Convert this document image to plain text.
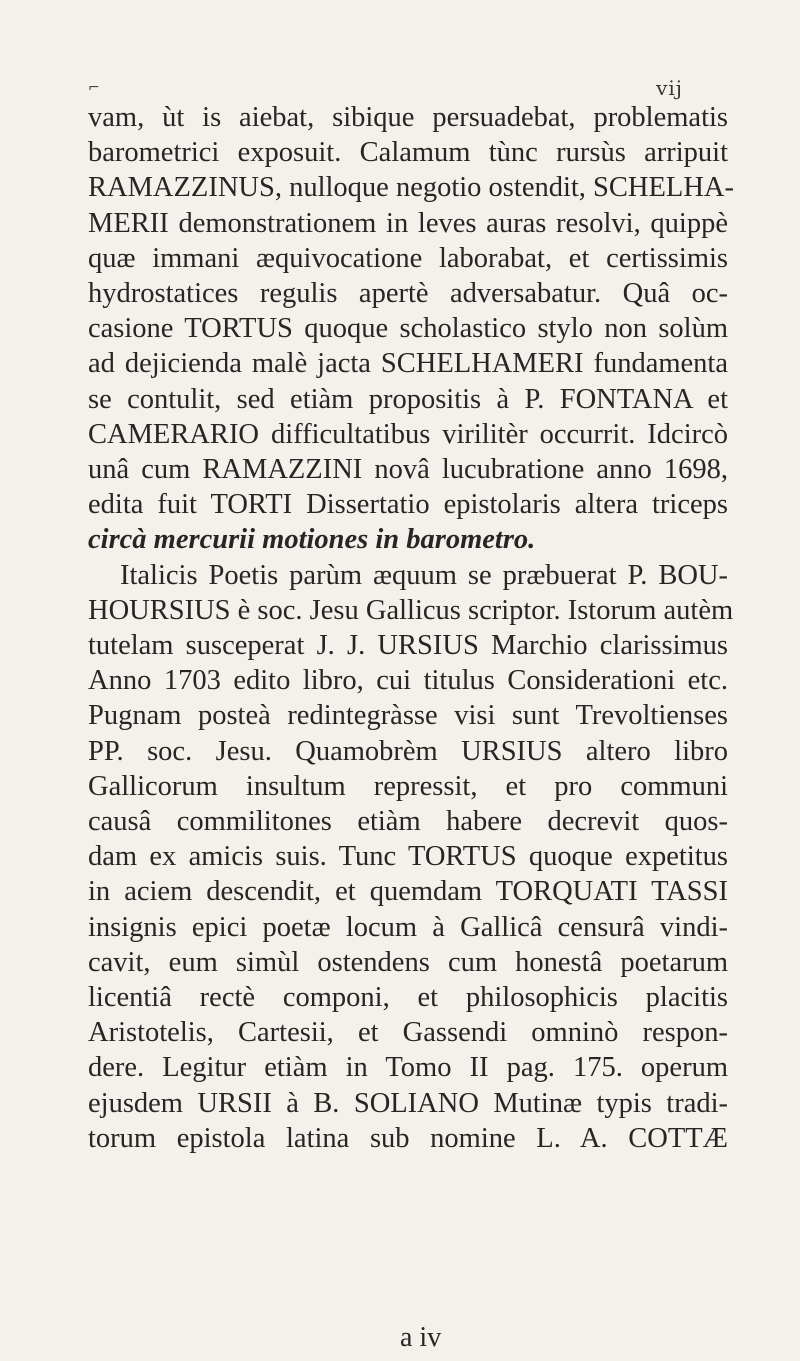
⌐	vij
vam, ùt is aiebat, sibique persuadebat, problematis
barometrici exposuit. Calamum tùnc rursùs arripuit
RAMAZZINUS, nulloque negotio ostendit, SCHELHA-
MERII demonstrationem in leves auras resolvi, quippè
quæ immani æquivocatione laborabat, et certissimis
hydrostatices regulis apertè adversabatur. Quâ oc-
casione TORTUS quoque scholastico stylo non solùm
ad dejicienda malè jacta SCHELHAMERI fundamenta
se contulit, sed etiàm propositis à P. FONTANA et
CAMERARIO difficultatibus virilitèr occurrit. Idcircò
unâ cum RAMAZZINI novâ lucubratione anno 1698,
edita fuit TORTI Dissertatio epistolaris altera triceps
circà mercurii motiones in barometro.
Italicis Poetis parùm æquum se præbuerat P. BOU-
HOURSIUS è soc. Jesu Gallicus scriptor. Istorum autèm
tutelam susceperat J. J. URSIUS Marchio clarissimus
Anno 1703 edito libro, cui titulus Considerationi etc.
Pugnam posteà redintegràsse visi sunt Trevoltienses
PP. soc. Jesu. Quamobrèm URSIUS altero libro
Gallicorum insultum repressit, et pro communi
causâ commilitones etiàm habere decrevit quos-
dam ex amicis suis. Tunc TORTUS quoque expetitus
in aciem descendit, et quemdam TORQUATI TASSI
insignis epici poetæ locum à Gallicâ censurâ vindi-
cavit, eum simùl ostendens cum honestâ poetarum
licentiâ rectè componi, et philosophicis placitis
Aristotelis, Cartesii, et Gassendi omninò respon-
dere. Legitur etiàm in Tomo II pag. 175. operum
ejusdem URSII à B. SOLIANO Mutinæ typis tradi-
torum epistola latina sub nomine L. A. COTTÆ
a iv
